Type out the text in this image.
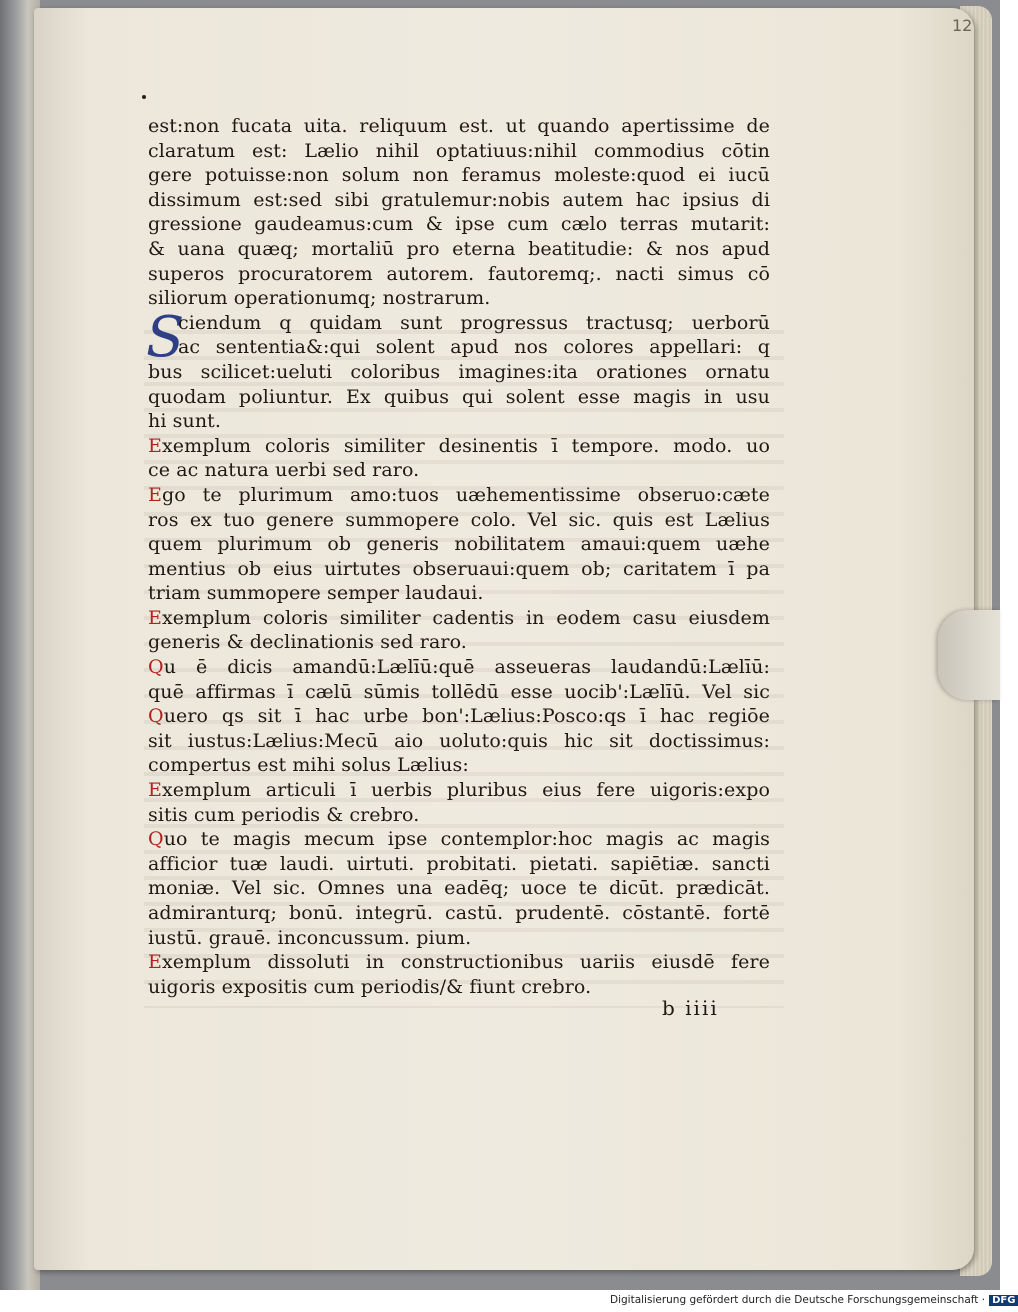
12
S
est:non fucata uita. reliquum est. ut quando apertissime de
claratum est: Lælio nihil optatiuus:nihil commodius cōtin
gere potuisse:non solum non feramus moleste:quod ei iucū
dissimum est:sed sibi gratulemur:nobis autem hac ipsius di
gressione gaudeamus:cum & ipse cum cælo terras mutarit:
& uana quæq; mortaliū pro eterna beatitudie: & nos apud
superos procuratorem autorem. fautoremq;. nacti simus cō
siliorum operationumq; nostrarum.
ciendum q quidam sunt progressus tractusq; uerborū
ac sententia&:qui solent apud nos colores appellari: q
bus scilicet:ueluti coloribus imagines:ita orationes ornatu
quodam poliuntur. Ex quibus qui solent esse magis in usu
hi sunt.
Exemplum coloris similiter desinentis ī tempore. modo. uo
ce ac natura uerbi sed raro.
Ego te plurimum amo:tuos uæhementissime obseruo:cæte
ros ex tuo genere summopere colo. Vel sic. quis est Lælius
quem plurimum ob generis nobilitatem amaui:quem uæhe
mentius ob eius uirtutes obseruaui:quem ob; caritatem ī pa
triam summopere semper laudaui.
Exemplum coloris similiter cadentis in eodem casu eiusdem
generis & declinationis sed raro.
Qu ē dicis amandū:Lælīū:quē asseueras laudandū:Lælīū:
quē affirmas ī cælū sūmis tollēdū esse uocib':Lælīū. Vel sic
Quero qs sit ī hac urbe bon':Lælius:Posco:qs ī hac regiōe
sit iustus:Lælius:Mecū aio uoluto:quis hic sit doctissimus:
compertus est mihi solus Lælius:
Exemplum articuli ī uerbis pluribus eius fere uigoris:expo
sitis cum periodis & crebro.
Quo te magis mecum ipse contemplor:hoc magis ac magis
afficior tuæ laudi. uirtuti. probitati. pietati. sapiētiæ. sancti
moniæ. Vel sic. Omnes una eadēq; uoce te dicūt. prædicāt.
admiranturq; bonū. integrū. castū. prudentē. cōstantē. fortē
iustū. grauē. inconcussum. pium.
Exemplum dissoluti in constructionibus uariis eiusdē fere
uigoris expositis cum periodis/& fiunt crebro.
b iiii
Digitalisierung gefördert durch die Deutsche Forschungsgemeinschaft · DFG
